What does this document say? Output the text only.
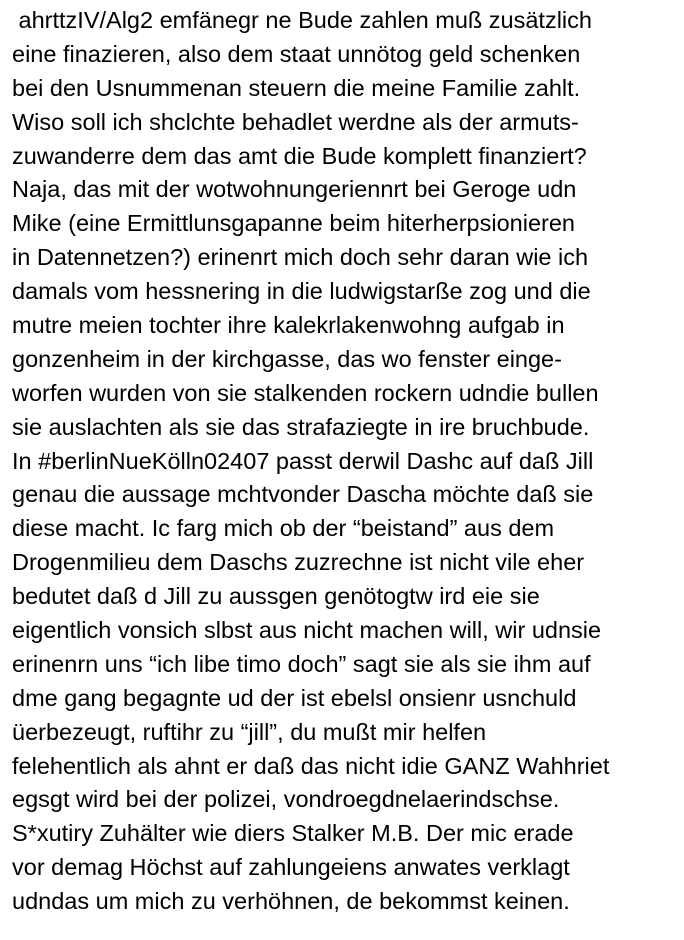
ahrttzIV/Alg2 emfänegr ne Bude zahlen muß zusätzlich
eine finazieren, also dem staat unnötog geld schenken
bei den Usnummenan steuern die meine Familie zahlt.
Wiso soll ich shclchte behadlet werdne als der armuts-
zuwanderre dem das amt die Bude komplett finanziert?
Naja, das mit der wotwohnungeriennrt bei Geroge udn
Mike (eine Ermittlunsgapanne beim hiterherpsionieren
in Datennetzen?) erinenrt mich doch sehr daran wie ich
damals vom hessnering in die ludwigstarße zog und die
mutre meien tochter ihre kalekrlakenwohng aufgab in
gonzenheim in der kirchgasse, das wo fenster einge-
worfen wurden von sie stalkenden rockern udndie bullen
sie auslachten als sie das strafaziegte in ire bruchbude.
In #berlinNueKölln02407 passt derwil Dashc auf daß Jill
genau die aussage mchtvonder Dascha möchte daß sie
diese macht. Ic farg mich ob der “beistand” aus dem
Drogenmilieu dem Daschs zuzrechne ist nicht vile eher
bedutet daß d Jill zu aussgen genötogtw ird eie sie
eigentlich vonsich slbst aus nicht machen will, wir udnsie
erinenrn uns “ich libe timo doch” sagt sie als sie ihm auf
dme gang begagnte ud der ist ebelsl onsienr usnchuld
üerbezeugt, ruftihr zu “jill”, du mußt mir helfen
felehentlich als ahnt er daß das nicht idie GANZ Wahhriet
egsgt wird bei der polizei, vondroegdnelaerindschse.
S*xutiry Zuhälter wie diers Stalker M.B. Der mic erade
vor demag Höchst auf zahlungeiens anwates verklagt
udndas um mich zu verhöhnen, de bekommst keinen.
